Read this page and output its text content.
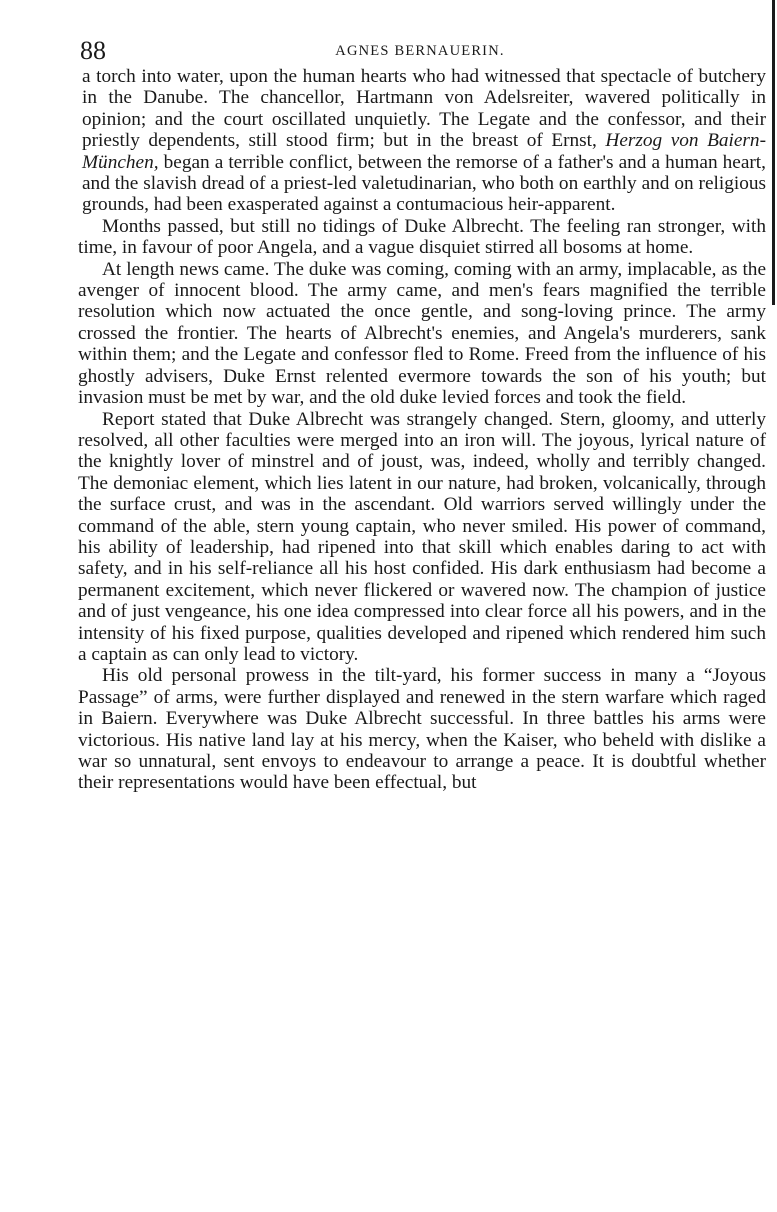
88	AGNES BERNAUERIN.

a torch into water, upon the human hearts who had witnessed that spectacle of butchery in the Danube. The chancellor, Hartmann von Adelsreiter, wavered politically in opinion; and the court oscillated unquietly. The Legate and the confessor, and their priestly dependents, still stood firm; but in the breast of Ernst, Herzog von Baiern-München, began a terrible conflict, between the remorse of a father's and a human heart, and the slavish dread of a priest-led valetudinarian, who both on earthly and on religious grounds, had been exasperated against a contumacious heir-apparent.

Months passed, but still no tidings of Duke Albrecht. The feeling ran stronger, with time, in favour of poor Angela, and a vague disquiet stirred all bosoms at home.

At length news came. The duke was coming, coming with an army, implacable, as the avenger of innocent blood. The army came, and men's fears magnified the terrible resolution which now actuated the once gentle, and song-loving prince. The army crossed the frontier. The hearts of Albrecht's enemies, and Angela's murderers, sank within them; and the Legate and confessor fled to Rome. Freed from the influence of his ghostly advisers, Duke Ernst relented evermore towards the son of his youth; but invasion must be met by war, and the old duke levied forces and took the field.

Report stated that Duke Albrecht was strangely changed. Stern, gloomy, and utterly resolved, all other faculties were merged into an iron will. The joyous, lyrical nature of the knightly lover of minstrel and of joust, was, indeed, wholly and terribly changed. The demoniac element, which lies latent in our nature, had broken, volcanically, through the surface crust, and was in the ascendant. Old warriors served willingly under the command of the able, stern young captain, who never smiled. His power of command, his ability of leadership, had ripened into that skill which enables daring to act with safety, and in his self-reliance all his host confided. His dark enthusiasm had become a permanent excitement, which never flickered or wavered now. The champion of justice and of just vengeance, his one idea compressed into clear force all his powers, and in the intensity of his fixed purpose, qualities developed and ripened which rendered him such a captain as can only lead to victory.

His old personal prowess in the tilt-yard, his former success in many a “Joyous Passage” of arms, were further displayed and renewed in the stern warfare which raged in Baiern. Everywhere was Duke Albrecht successful. In three battles his arms were victorious. His native land lay at his mercy, when the Kaiser, who beheld with dislike a war so unnatural, sent envoys to endeavour to arrange a peace. It is doubtful whether their representations would have been effectual, but
